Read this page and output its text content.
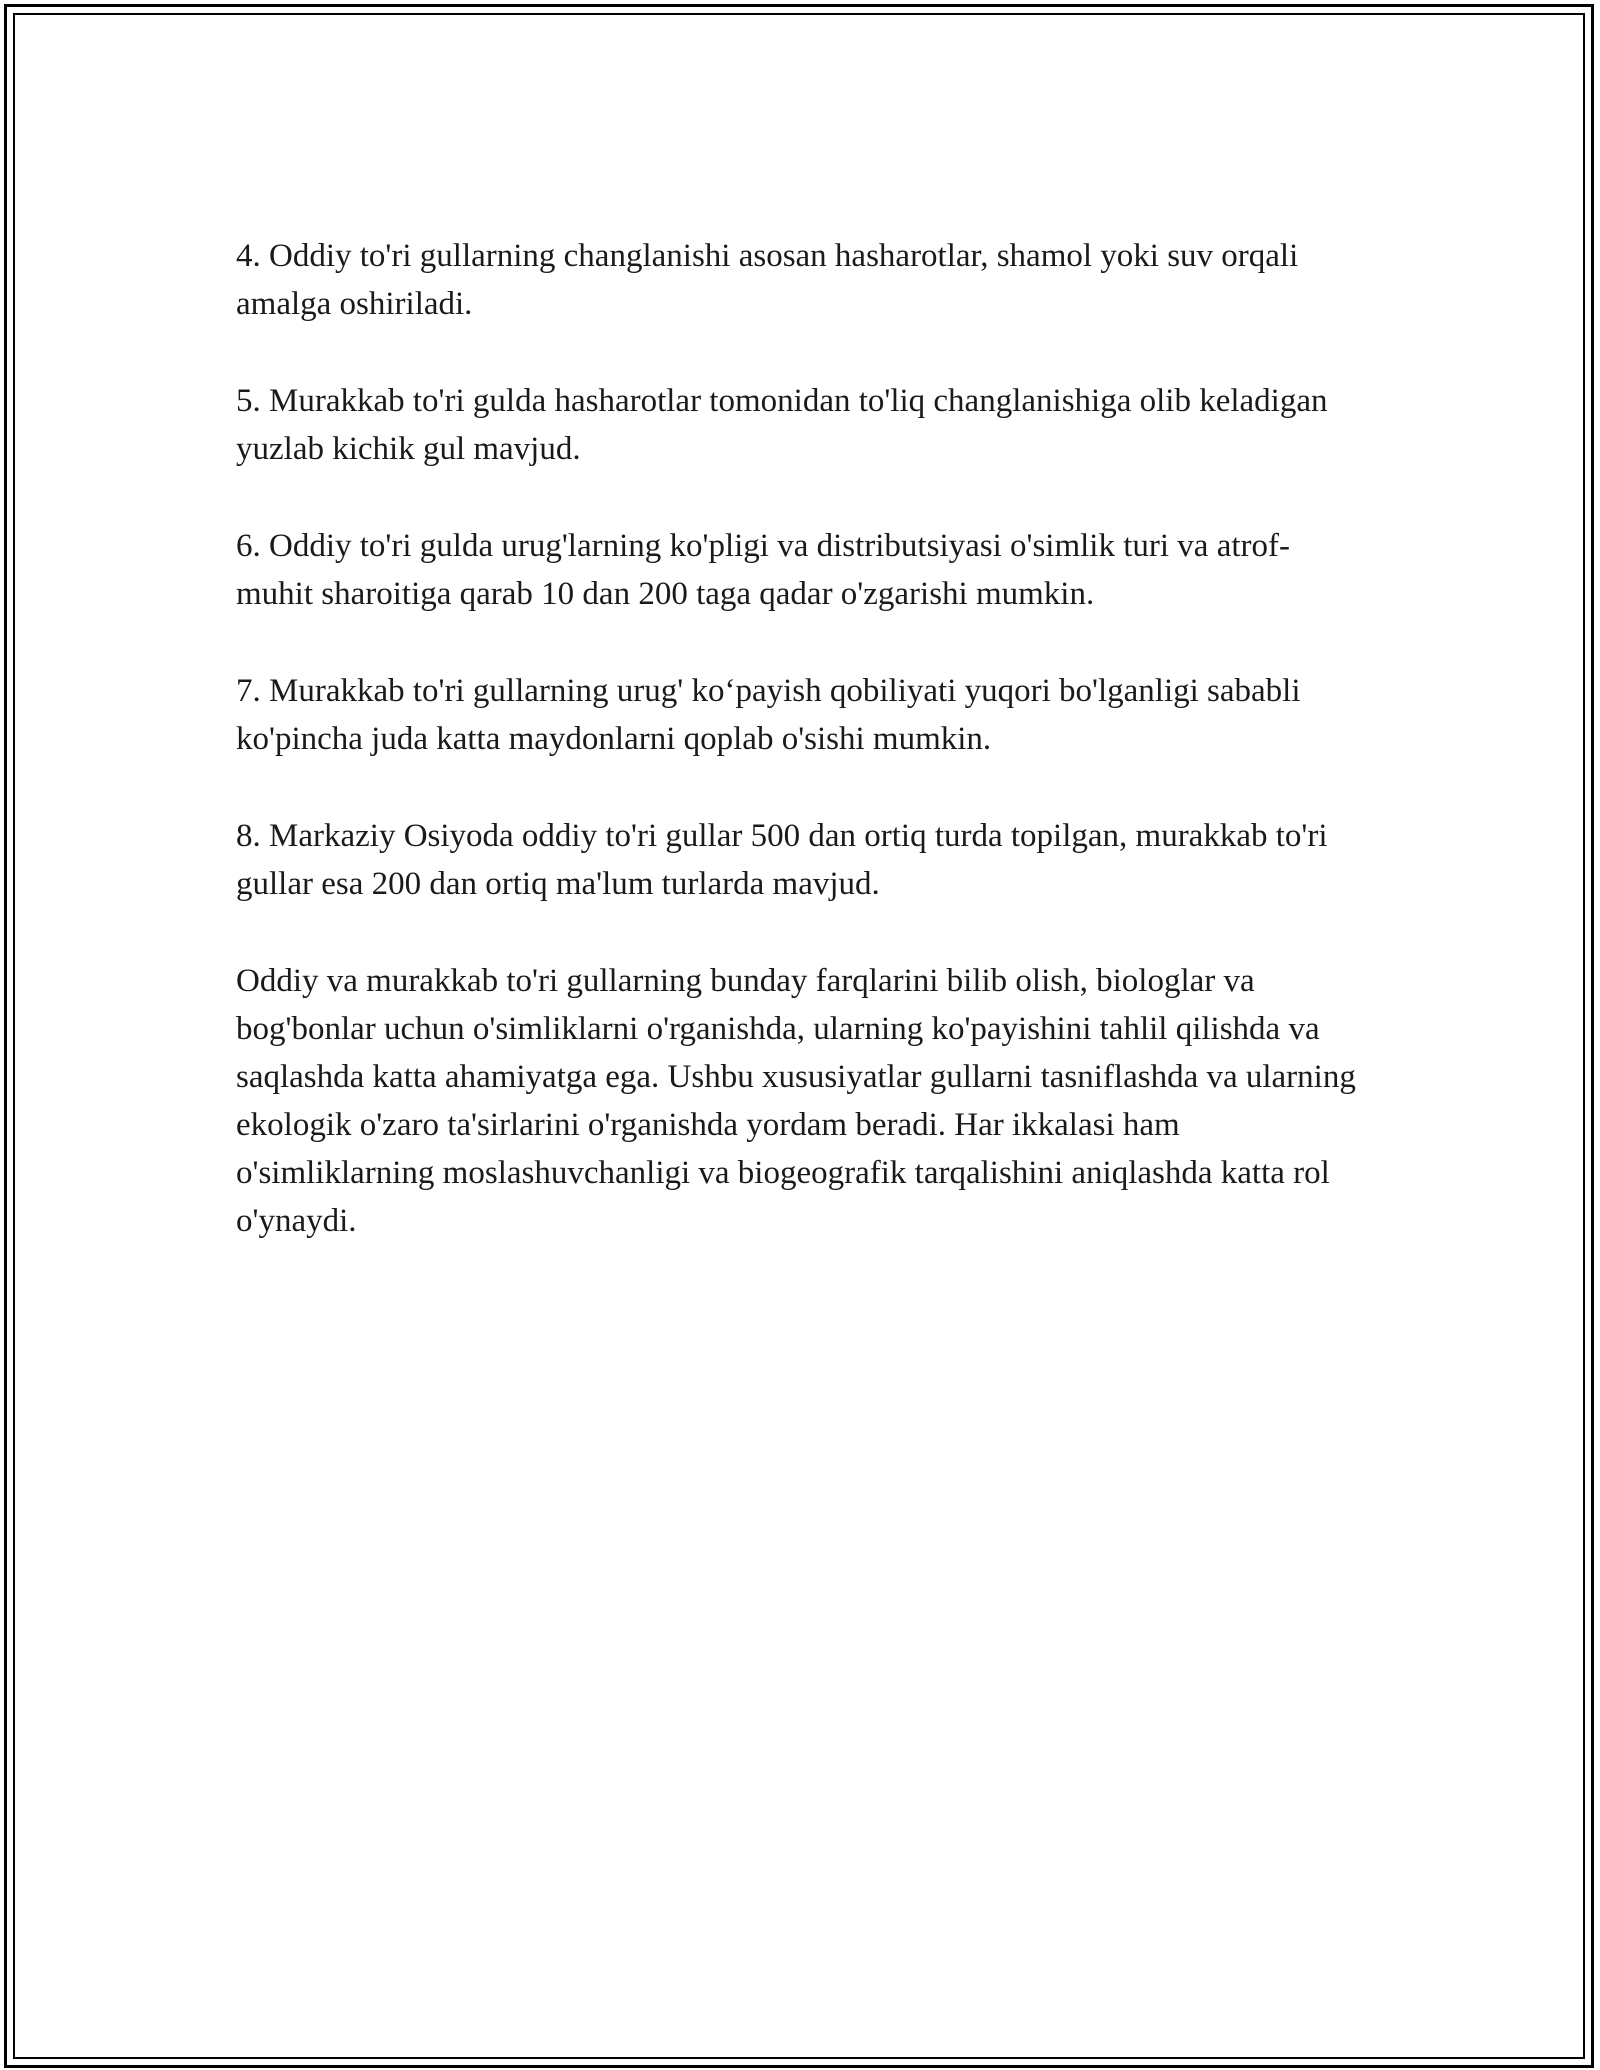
4. Oddiy to'ri gullarning changlanishi asosan hasharotlar, shamol yoki suv orqali amalga oshiriladi.

5. Murakkab to'ri gulda hasharotlar tomonidan to'liq changlanishiga olib keladigan yuzlab kichik gul mavjud.

6. Oddiy to'ri gulda urug'larning ko'pligi va distributsiyasi o'simlik turi va atrof-muhit sharoitiga qarab 10 dan 200 taga qadar o'zgarishi mumkin.

7. Murakkab to'ri gullarning urug' ko‘payish qobiliyati yuqori bo'lganligi sababli ko'pincha juda katta maydonlarni qoplab o'sishi mumkin.

8. Markaziy Osiyoda oddiy to'ri gullar 500 dan ortiq turda topilgan, murakkab to'ri gullar esa 200 dan ortiq ma'lum turlarda mavjud.

Oddiy va murakkab to'ri gullarning bunday farqlarini bilib olish, biologlar va bog'bonlar uchun o'simliklarni o'rganishda, ularning ko'payishini tahlil qilishda va saqlashda katta ahamiyatga ega. Ushbu xususiyatlar gullarni tasniflashda va ularning ekologik o'zaro ta'sirlarini o'rganishda yordam beradi. Har ikkalasi ham o'simliklarning moslashuvchanligi va biogeografik tarqalishini aniqlashda katta rol o'ynaydi.
